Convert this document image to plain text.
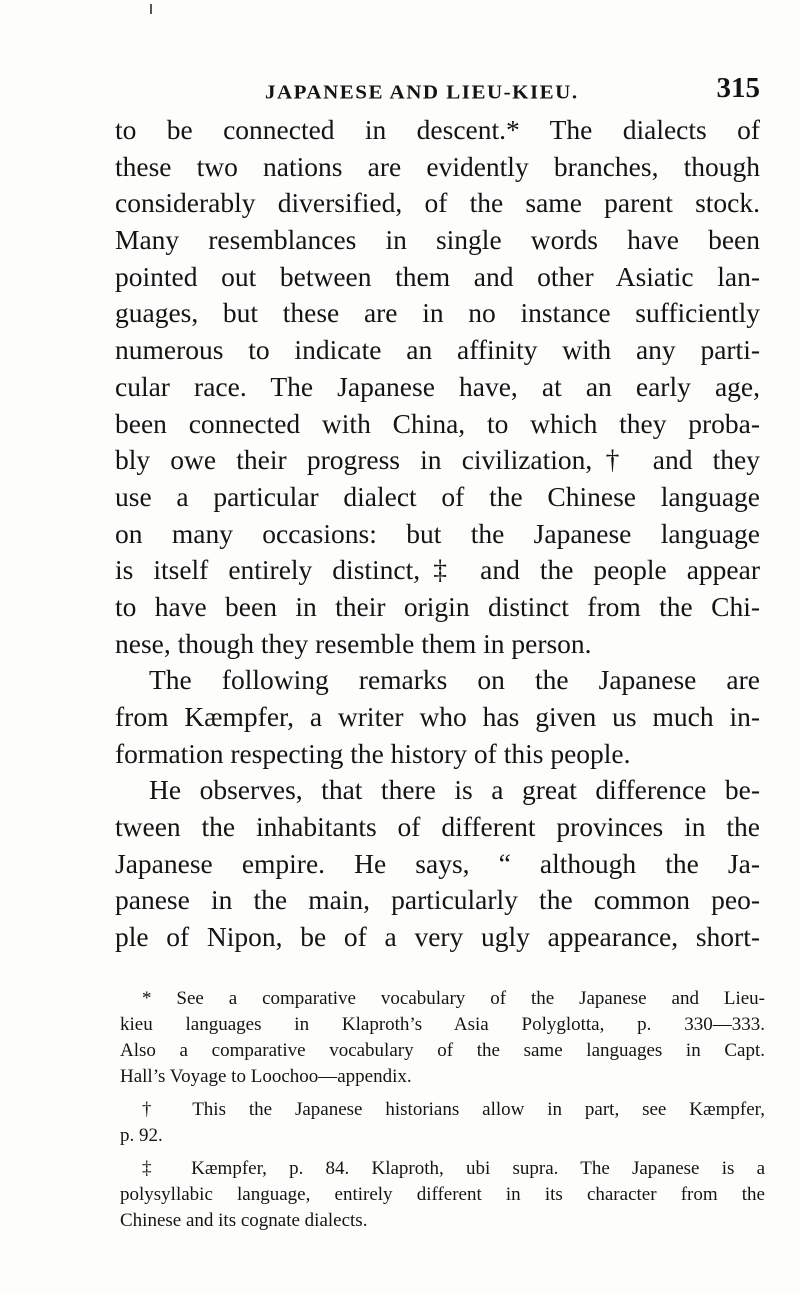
JAPANESE AND LIEU-KIEU.	315
to be connected in descent.* The dialects of
these two nations are evidently branches, though
considerably diversified, of the same parent stock.
Many resemblances in single words have been
pointed out between them and other Asiatic lan-
guages, but these are in no instance sufficiently
numerous to indicate an affinity with any parti-
cular race. The Japanese have, at an early age,
been connected with China, to which they proba-
bly owe their progress in civilization,† and they
use a particular dialect of the Chinese language
on many occasions: but the Japanese language
is itself entirely distinct,‡ and the people appear
to have been in their origin distinct from the Chi-
nese, though they resemble them in person.
The following remarks on the Japanese are
from Kæmpfer, a writer who has given us much in-
formation respecting the history of this people.
He observes, that there is a great difference be-
tween the inhabitants of different provinces in the
Japanese empire. He says, “ although the Ja-
panese in the main, particularly the common peo-
ple of Nipon, be of a very ugly appearance, short-
* See a comparative vocabulary of the Japanese and Lieu-
kieu languages in Klaproth’s Asia Polyglotta, p. 330—333.
Also a comparative vocabulary of the same languages in Capt.
Hall’s Voyage to Loochoo—appendix.
† This the Japanese historians allow in part, see Kæmpfer,
p. 92.
‡ Kæmpfer, p. 84. Klaproth, ubi supra. The Japanese is a
polysyllabic language, entirely different in its character from the
Chinese and its cognate dialects.
